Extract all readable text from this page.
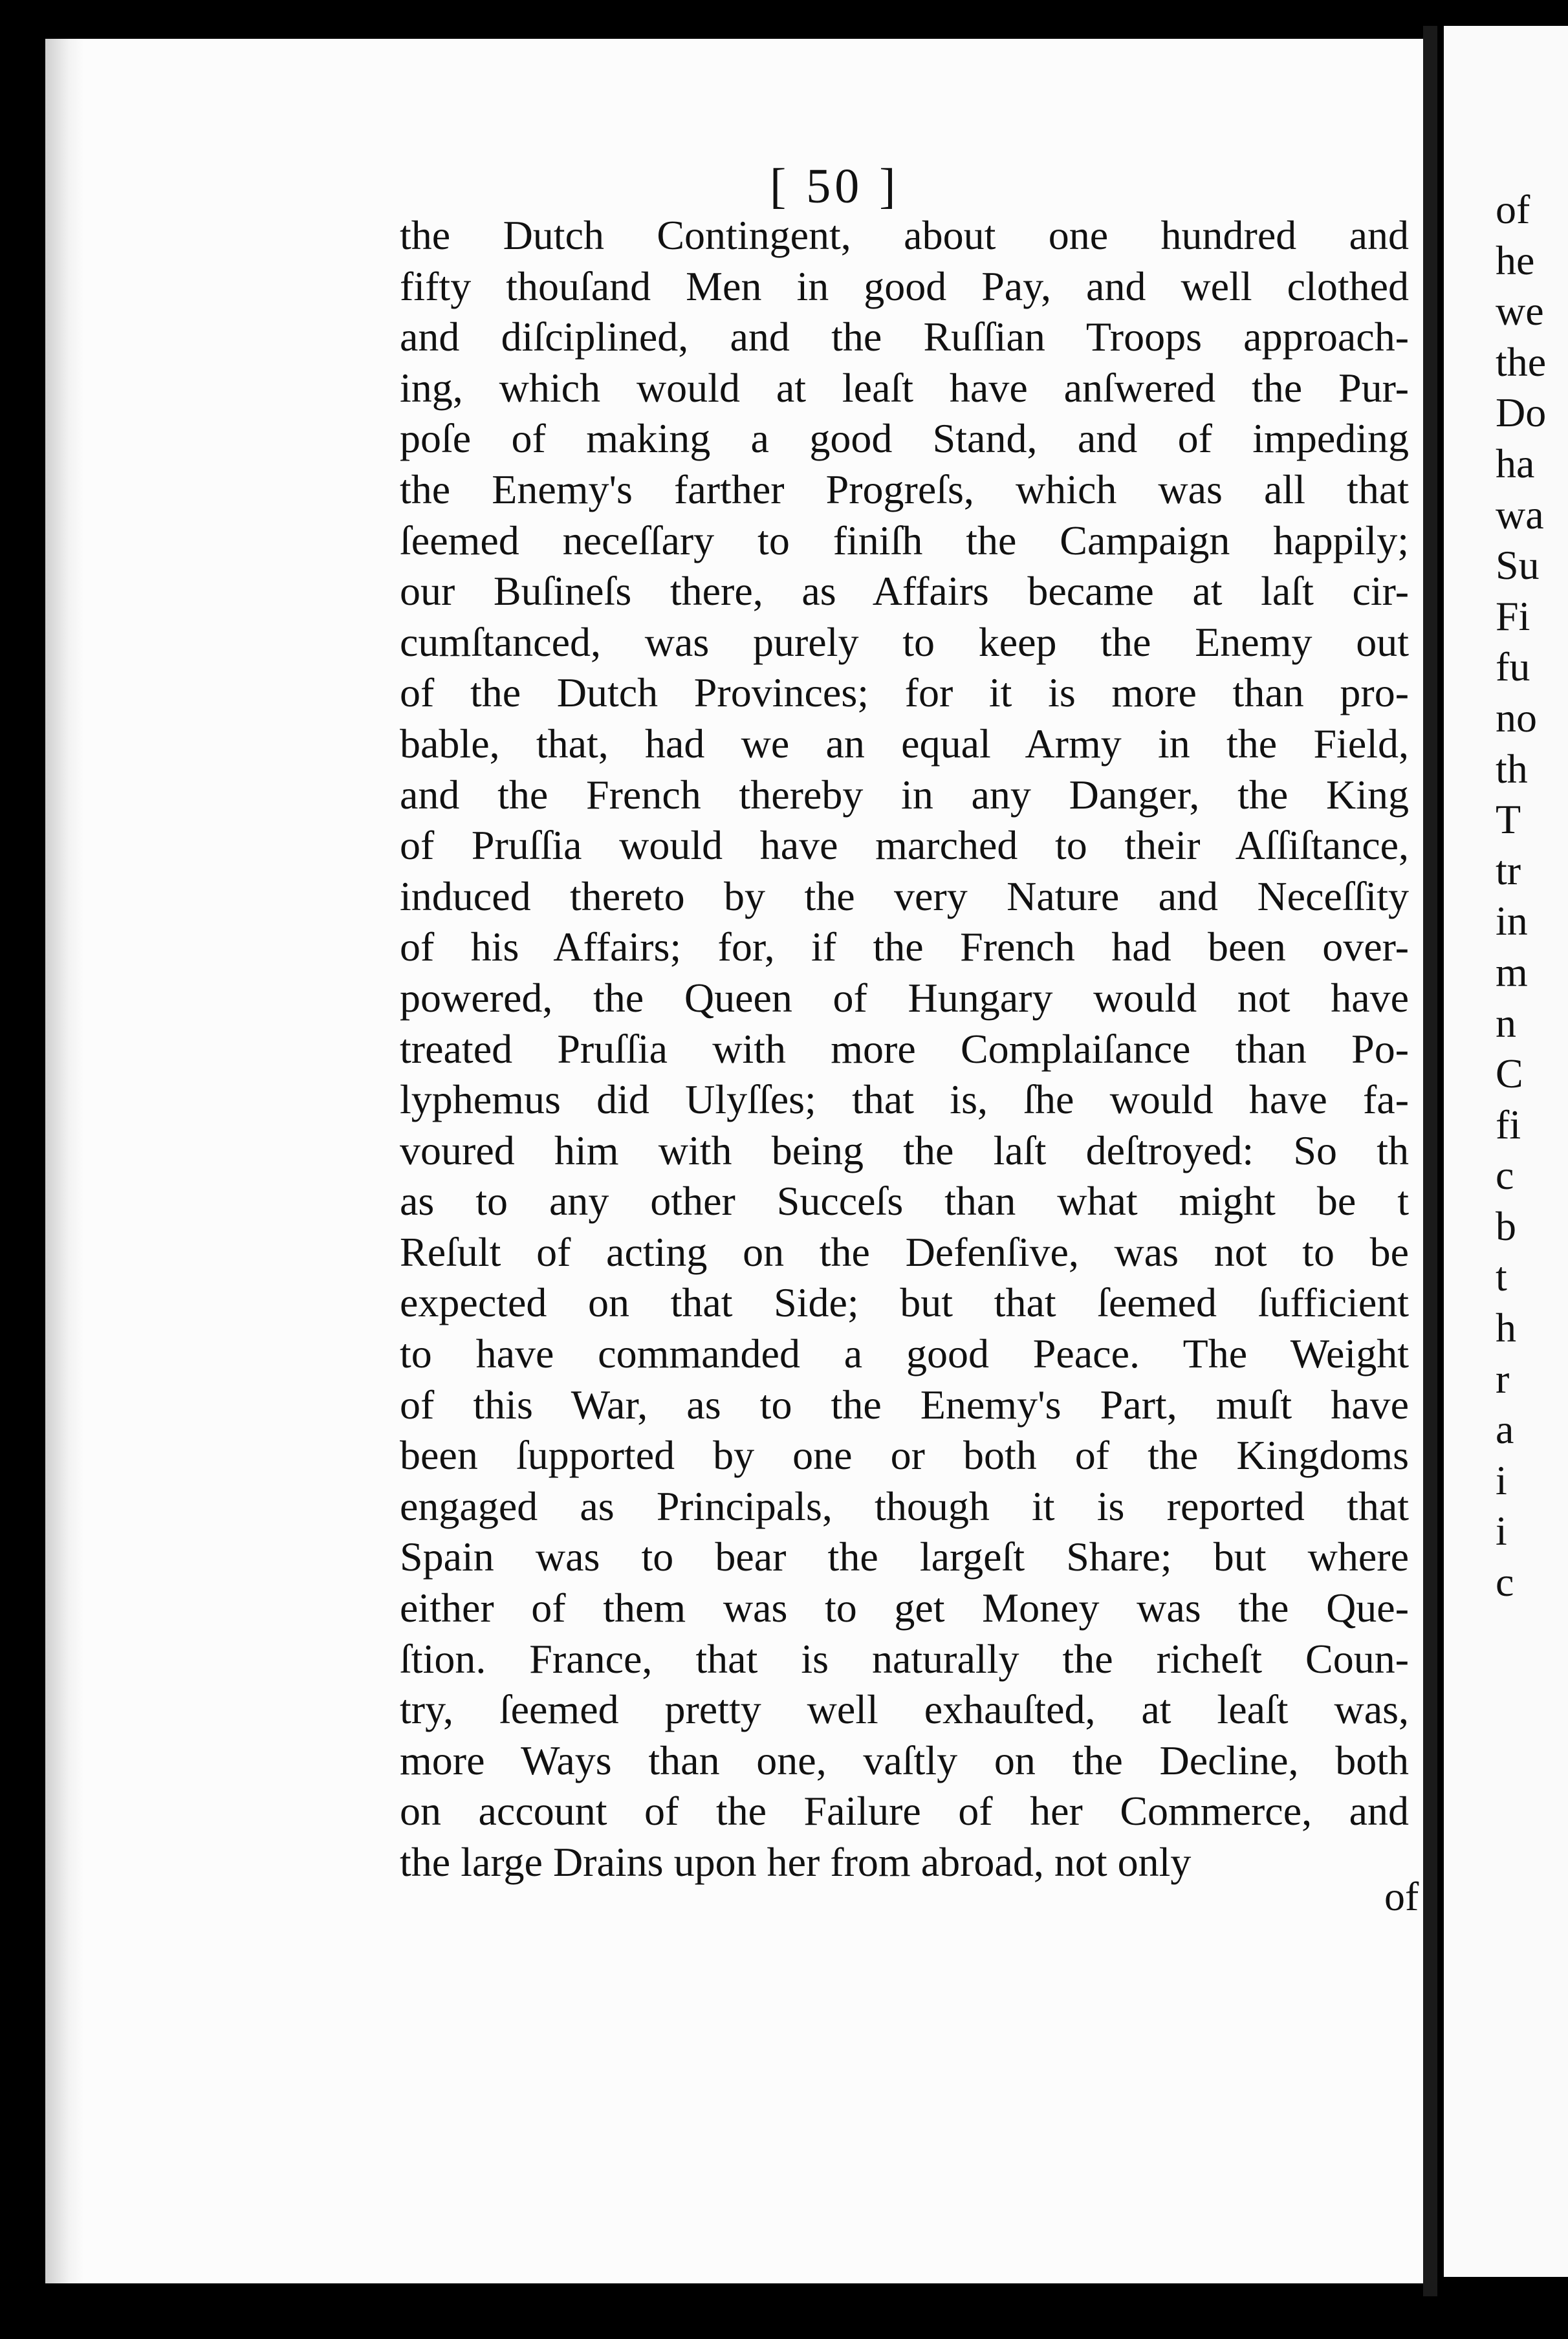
[ 50 ]
the Dutch Contingent, about one hundred and
fifty thouſand Men in good Pay, and well clothed
and diſciplined, and the Ruſſian Troops approach-
ing, which would at leaſt have anſwered the Pur-
poſe of making a good Stand, and of impeding
the Enemy's farther Progreſs, which was all that
ſeemed neceſſary to finiſh the Campaign happily;
our Buſineſs there, as Affairs became at laſt cir-
cumſtanced, was purely to keep the Enemy out
of the Dutch Provinces; for it is more than pro-
bable, that, had we an equal Army in the Field,
and the French thereby in any Danger, the King
of Pruſſia would have marched to their Aſſiſtance,
induced thereto by the very Nature and Neceſſity
of his Affairs; for, if the French had been over-
powered, the Queen of Hungary would not have
treated Pruſſia with more Complaiſance than Po-
lyphemus did Ulyſſes; that is, ſhe would have fa-
voured him with being the laſt deſtroyed: So th
as to any other Succeſs than what might be t
Reſult of acting on the Defenſive, was not to be
expected on that Side; but that ſeemed ſufficient
to have commanded a good Peace. The Weight
of this War, as to the Enemy's Part, muſt have
been ſupported by one or both of the Kingdoms
engaged as Principals, though it is reported that
Spain was to bear the largeſt Share; but where
either of them was to get Money was the Que-
ſtion. France, that is naturally the richeſt Coun-
try, ſeemed pretty well exhauſted, at leaſt was,
more Ways than one, vaſtly on the Decline, both
on account of the Failure of her Commerce, and
the large Drains upon her from abroad, not only
of
of
he
we
the
Do
ha
wa
Su
Fi
fu
no
th
T
tr
in
m
n
C
fi
c
b
t
h
r
a
i
i
c
